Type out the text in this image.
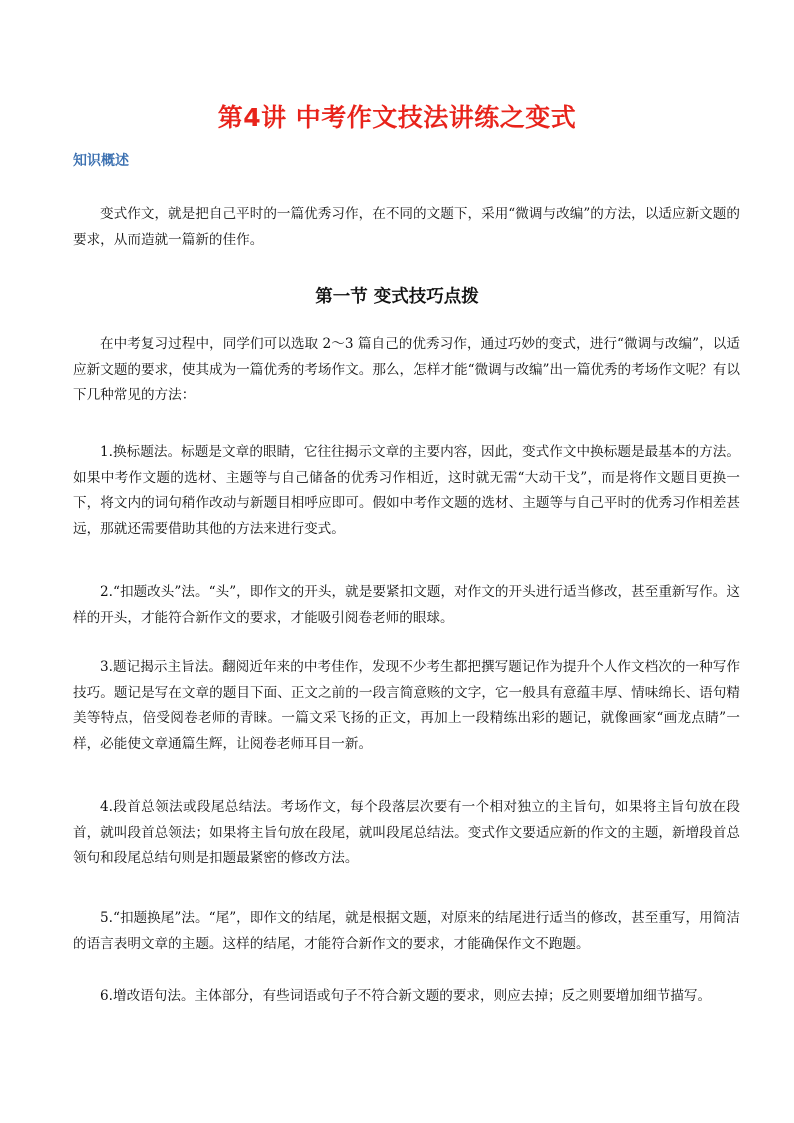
第4讲 中考作文技法讲练之变式
知识概述

变式作文，就是把自己平时的一篇优秀习作，在不同的文题下，采用“微调与改编”的方法，以适应新文题的要求，从而造就一篇新的佳作。

第一节 变式技巧点拨

在中考复习过程中，同学们可以选取 2～3 篇自己的优秀习作，通过巧妙的变式，进行“微调与改编”，以适应新文题的要求，使其成为一篇优秀的考场作文。那么，怎样才能“微调与改编”出一篇优秀的考场作文呢？有以下几种常见的方法：

1.换标题法。标题是文章的眼睛，它往往揭示文章的主要内容，因此，变式作文中换标题是最基本的方法。如果中考作文题的选材、主题等与自己储备的优秀习作相近，这时就无需“大动干戈”，而是将作文题目更换一下，将文内的词句稍作改动与新题目相呼应即可。假如中考作文题的选材、主题等与自己平时的优秀习作相差甚远，那就还需要借助其他的方法来进行变式。

2.“扣题改头”法。“头”，即作文的开头，就是要紧扣文题，对作文的开头进行适当修改，甚至重新写作。这样的开头，才能符合新作文的要求，才能吸引阅卷老师的眼球。

3.题记揭示主旨法。翻阅近年来的中考佳作，发现不少考生都把撰写题记作为提升个人作文档次的一种写作技巧。题记是写在文章的题目下面、正文之前的一段言简意赅的文字，它一般具有意蕴丰厚、情味绵长、语句精美等特点，倍受阅卷老师的青睐。一篇文采飞扬的正文，再加上一段精练出彩的题记，就像画家“画龙点睛”一样，必能使文章通篇生辉，让阅卷老师耳目一新。

4.段首总领法或段尾总结法。考场作文，每个段落层次要有一个相对独立的主旨句，如果将主旨句放在段首，就叫段首总领法；如果将主旨句放在段尾，就叫段尾总结法。变式作文要适应新的作文的主题，新增段首总领句和段尾总结句则是扣题最紧密的修改方法。

5.“扣题换尾”法。“尾”，即作文的结尾，就是根据文题，对原来的结尾进行适当的修改，甚至重写，用简洁的语言表明文章的主题。这样的结尾，才能符合新作文的要求，才能确保作文不跑题。

6.增改语句法。主体部分，有些词语或句子不符合新文题的要求，则应去掉；反之则要增加细节描写。
